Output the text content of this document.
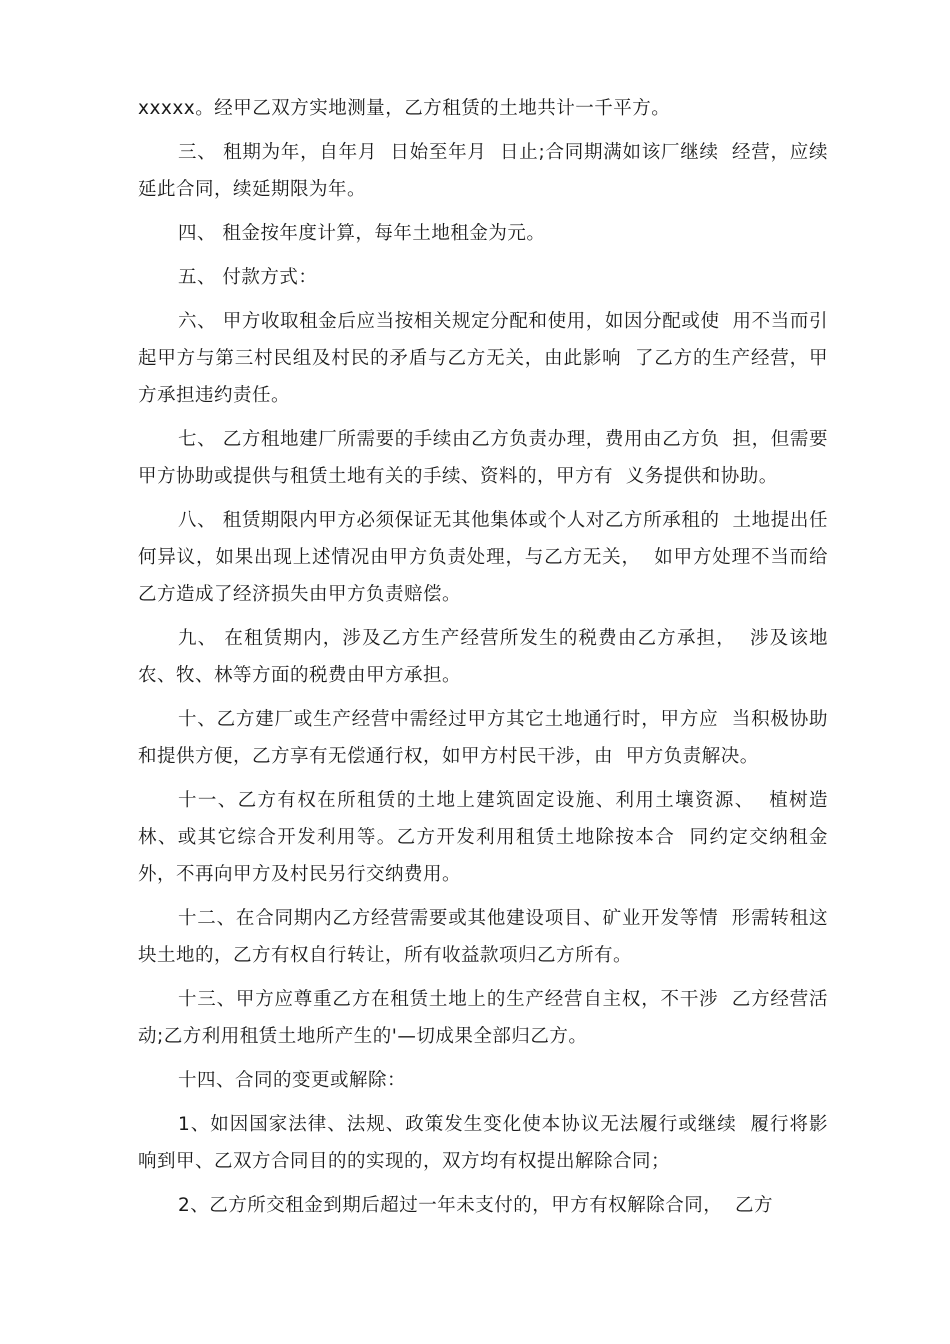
xxxxx。经甲乙双方实地测量，乙方租赁的土地共计一千平方。

三、 租期为年，自年月  日始至年月  日止;合同期满如该厂继续  经营，应续延此合同，续延期限为年。

四、 租金按年度计算，每年土地租金为元。

五、 付款方式：

六、 甲方收取租金后应当按相关规定分配和使用，如因分配或使  用不当而引起甲方与第三村民组及村民的矛盾与乙方无关，由此影响  了乙方的生产经营，甲方承担违约责任。

七、 乙方租地建厂所需要的手续由乙方负责办理，费用由乙方负  担，但需要甲方协助或提供与租赁土地有关的手续、资料的，甲方有  义务提供和协助。

八、 租赁期限内甲方必须保证无其他集体或个人对乙方所承租的  土地提出任何异议，如果出现上述情况由甲方负责处理，与乙方无关，  如甲方处理不当而给乙方造成了经济损失由甲方负责赔偿。

九、 在租赁期内，涉及乙方生产经营所发生的税费由乙方承担，  涉及该地农、牧、林等方面的税费由甲方承担。

十、乙方建厂或生产经营中需经过甲方其它土地通行时，甲方应  当积极协助和提供方便，乙方享有无偿通行权，如甲方村民干涉，由  甲方负责解决。

十一、乙方有权在所租赁的土地上建筑固定设施、利用土壤资源、  植树造林、或其它综合开发利用等。乙方开发利用租赁土地除按本合  同约定交纳租金外，不再向甲方及村民另行交纳费用。

十二、在合同期内乙方经营需要或其他建设项目、矿业开发等情  形需转租这块土地的，乙方有权自行转让，所有收益款项归乙方所有。

十三、甲方应尊重乙方在租赁土地上的生产经营自主权，不干涉  乙方经营活动;乙方利用租赁土地所产生的'—切成果全部归乙方。

十四、合同的变更或解除：

1、如因国家法律、法规、政策发生变化使本协议无法履行或继续  履行将影响到甲、乙双方合同目的的实现的，双方均有权提出解除合同；

2、乙方所交租金到期后超过一年未支付的，甲方有权解除合同，  乙方
